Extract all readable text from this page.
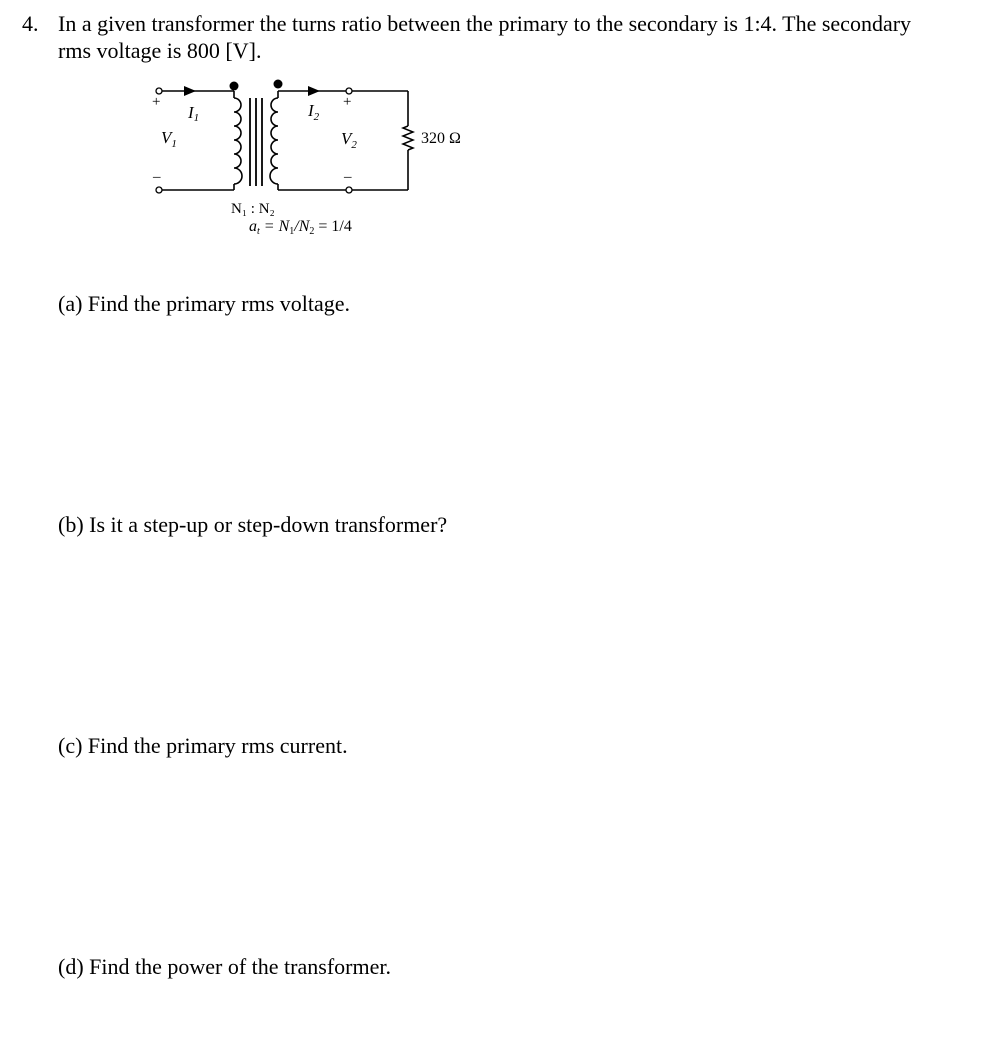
4. In a given transformer the turns ratio between the primary to the secondary is 1:4. The secondary rms voltage is 800 [V].
+
–
+
–
I1	$I_2$
$V_1$	$V_2$	320 Ω
N₁ : N₂
at = N1/N2 = 1/4
(a) Find the primary rms voltage.
(b) Is it a step-up or step-down transformer?
(c) Find the primary rms current.
(d) Find the power of the transformer.
